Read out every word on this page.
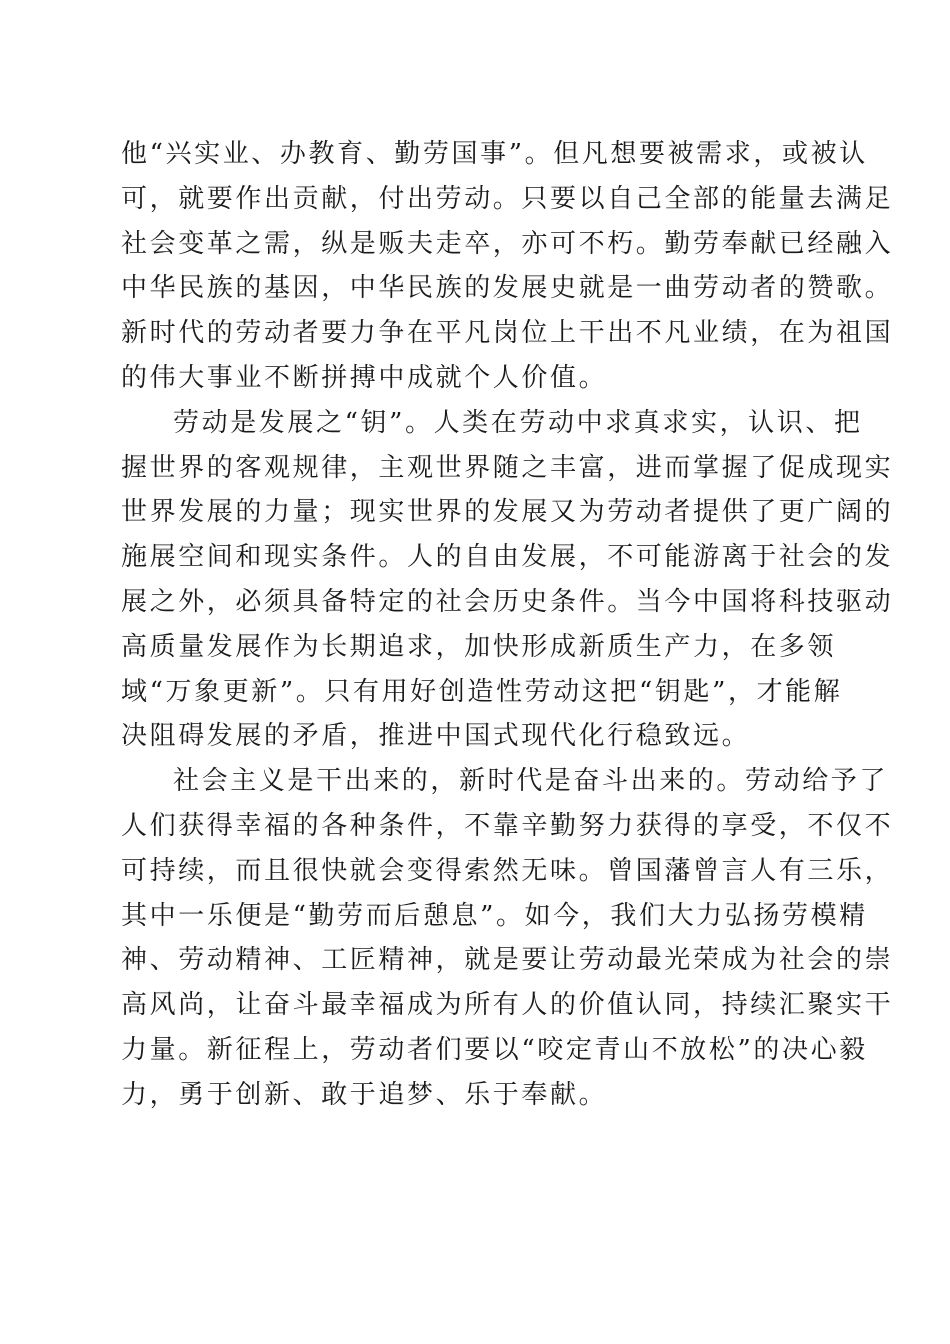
他“兴实业、办教育、勤劳国事”。但凡想要被需求，或被认
可，就要作出贡献，付出劳动。只要以自己全部的能量去满足
社会变革之需，纵是贩夫走卒，亦可不朽。勤劳奉献已经融入
中华民族的基因，中华民族的发展史就是一曲劳动者的赞歌。
新时代的劳动者要力争在平凡岗位上干出不凡业绩，在为祖国
的伟大事业不断拼搏中成就个人价值。
劳动是发展之“钥”。人类在劳动中求真求实，认识、把
握世界的客观规律，主观世界随之丰富，进而掌握了促成现实
世界发展的力量；现实世界的发展又为劳动者提供了更广阔的
施展空间和现实条件。人的自由发展，不可能游离于社会的发
展之外，必须具备特定的社会历史条件。当今中国将科技驱动
高质量发展作为长期追求，加快形成新质生产力，在多领
域“万象更新”。只有用好创造性劳动这把“钥匙”，才能解
决阻碍发展的矛盾，推进中国式现代化行稳致远。
社会主义是干出来的，新时代是奋斗出来的。劳动给予了
人们获得幸福的各种条件，不靠辛勤努力获得的享受，不仅不
可持续，而且很快就会变得索然无味。曾国藩曾言人有三乐，
其中一乐便是“勤劳而后憩息”。如今，我们大力弘扬劳模精
神、劳动精神、工匠精神，就是要让劳动最光荣成为社会的崇
高风尚，让奋斗最幸福成为所有人的价值认同，持续汇聚实干
力量。新征程上，劳动者们要以“咬定青山不放松”的决心毅
力，勇于创新、敢于追梦、乐于奉献。
